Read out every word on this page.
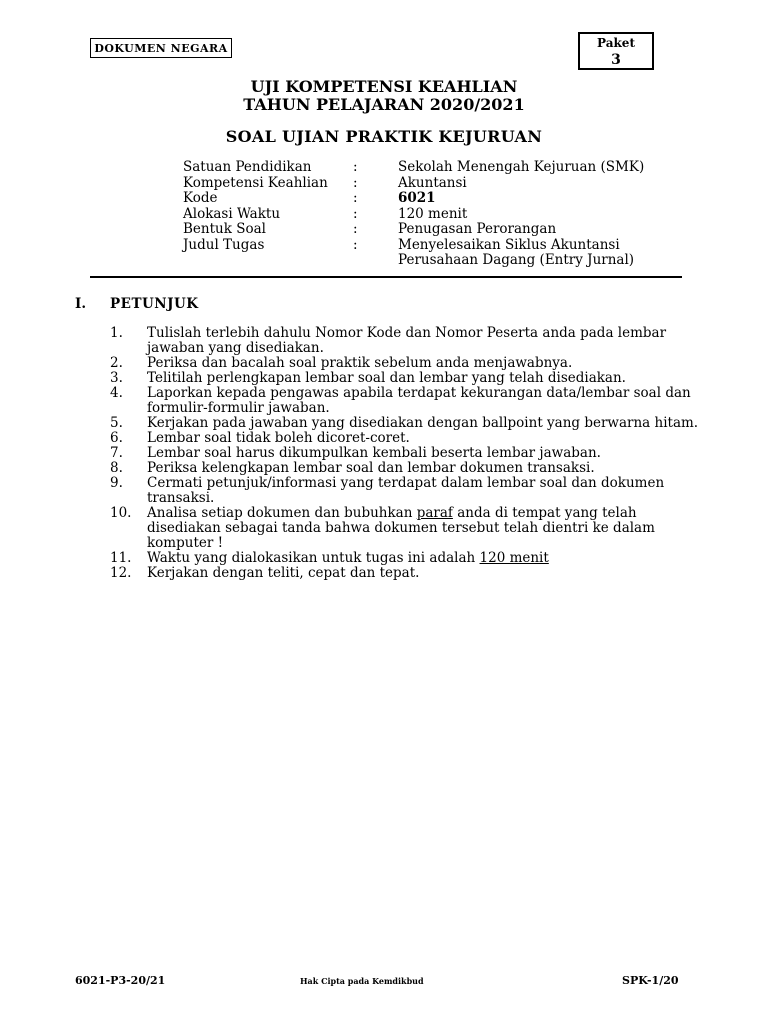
DOKUMEN NEGARA	Paket
3
UJI KOMPETENSI KEAHLIAN
TAHUN PELAJARAN 2020/2021
SOAL UJIAN PRAKTIK KEJURUAN
Satuan Pendidikan	:	Sekolah Menengah Kejuruan (SMK)
Kompetensi Keahlian	:	Akuntansi
Kode	:	6021
Alokasi Waktu	:	120 menit
Bentuk Soal	:	Penugasan Perorangan
Judul Tugas	:	Menyelesaikan Siklus Akuntansi Perusahaan Dagang (Entry Jurnal)
I. PETUNJUK
1.	Tulislah terlebih dahulu Nomor Kode dan Nomor Peserta anda pada lembar jawaban yang disediakan.
2.	Periksa dan bacalah soal praktik sebelum anda menjawabnya.
3.	Telitilah perlengkapan lembar soal dan lembar yang telah disediakan.
4.	Laporkan kepada pengawas apabila terdapat kekurangan data/lembar soal dan formulir-formulir jawaban.
5.	Kerjakan pada jawaban yang disediakan dengan ballpoint yang berwarna hitam.
6.	Lembar soal tidak boleh dicoret-coret.
7.	Lembar soal harus dikumpulkan kembali beserta lembar jawaban.
8.	Periksa kelengkapan lembar soal dan lembar dokumen transaksi.
9.	Cermati petunjuk/informasi yang terdapat dalam lembar soal dan dokumen transaksi.
10.	Analisa setiap dokumen dan bubuhkan paraf anda di tempat yang telah disediakan sebagai tanda bahwa dokumen tersebut telah dientri ke dalam komputer !
11.	Waktu yang dialokasikan untuk tugas ini adalah 120 menit
12.	Kerjakan dengan teliti, cepat dan tepat.
6021-P3-20/21	Hak Cipta pada Kemdikbud	SPK-1/20
